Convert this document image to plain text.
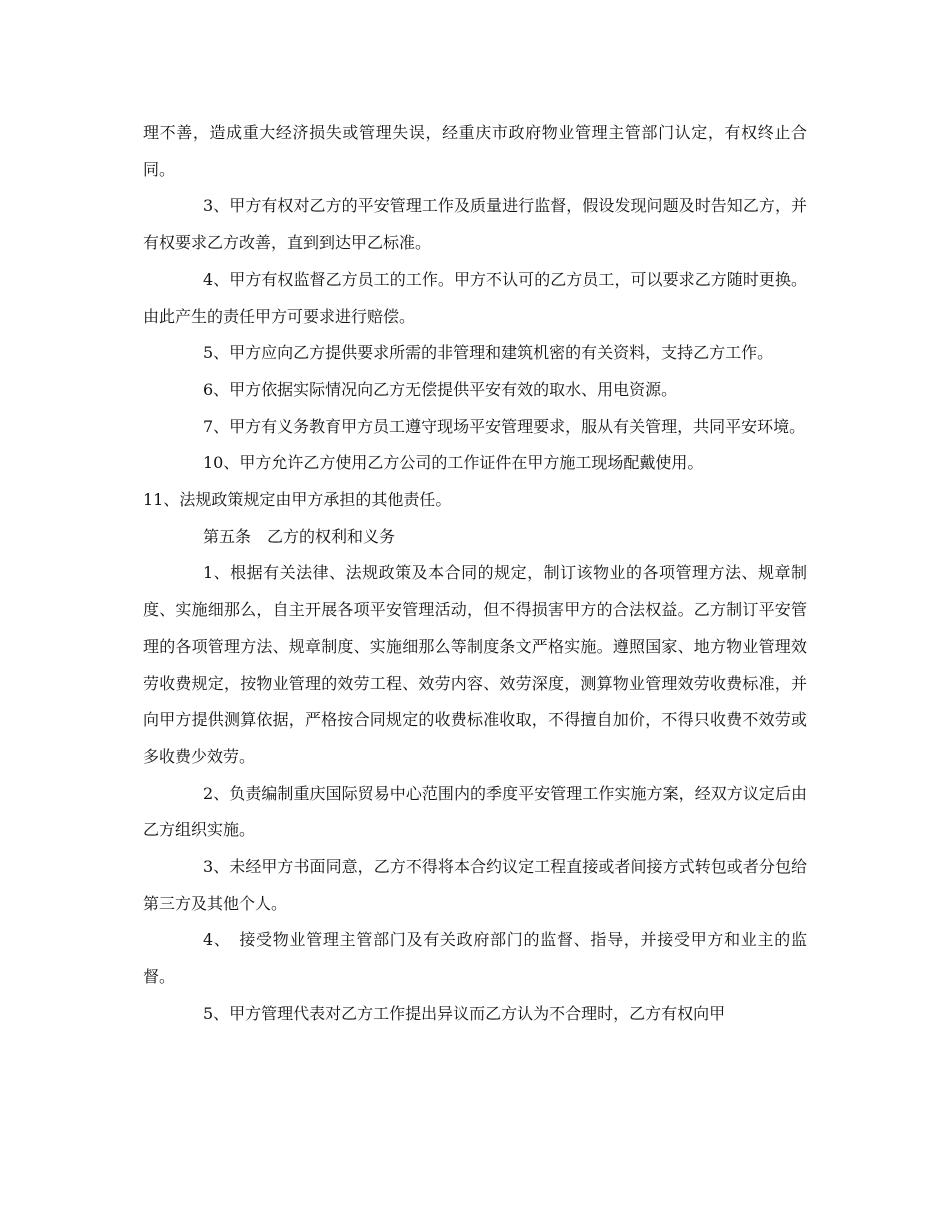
理不善，造成重大经济损失或管理失误，经重庆市政府物业管理主管部门认定，有权终止合同。

3、甲方有权对乙方的平安管理工作及质量进行监督，假设发现问题及时告知乙方，并有权要求乙方改善，直到到达甲乙标准。

4、甲方有权监督乙方员工的工作。甲方不认可的乙方员工，可以要求乙方随时更换。由此产生的责任甲方可要求进行赔偿。

5、甲方应向乙方提供要求所需的非管理和建筑机密的有关资料，支持乙方工作。

6、甲方依据实际情况向乙方无偿提供平安有效的取水、用电资源。

7、甲方有义务教育甲方员工遵守现场平安管理要求，服从有关管理，共同平安环境。

10、甲方允许乙方使用乙方公司的工作证件在甲方施工现场配戴使用。

11、法规政策规定由甲方承担的其他责任。

第五条　乙方的权利和义务

1、根据有关法律、法规政策及本合同的规定，制订该物业的各项管理方法、规章制度、实施细那么，自主开展各项平安管理活动，但不得损害甲方的合法权益。乙方制订平安管理的各项管理方法、规章制度、实施细那么等制度条文严格实施。遵照国家、地方物业管理效劳收费规定，按物业管理的效劳工程、效劳内容、效劳深度，测算物业管理效劳收费标准，并向甲方提供测算依据，严格按合同规定的收费标准收取，不得擅自加价，不得只收费不效劳或多收费少效劳。

2、负责编制重庆国际贸易中心范围内的季度平安管理工作实施方案，经双方议定后由乙方组织实施。

3、未经甲方书面同意，乙方不得将本合约议定工程直接或者间接方式转包或者分包给第三方及其他个人。

4、　接受物业管理主管部门及有关政府部门的监督、指导，并接受甲方和业主的监督。

5、甲方管理代表对乙方工作提出异议而乙方认为不合理时，乙方有权向甲
